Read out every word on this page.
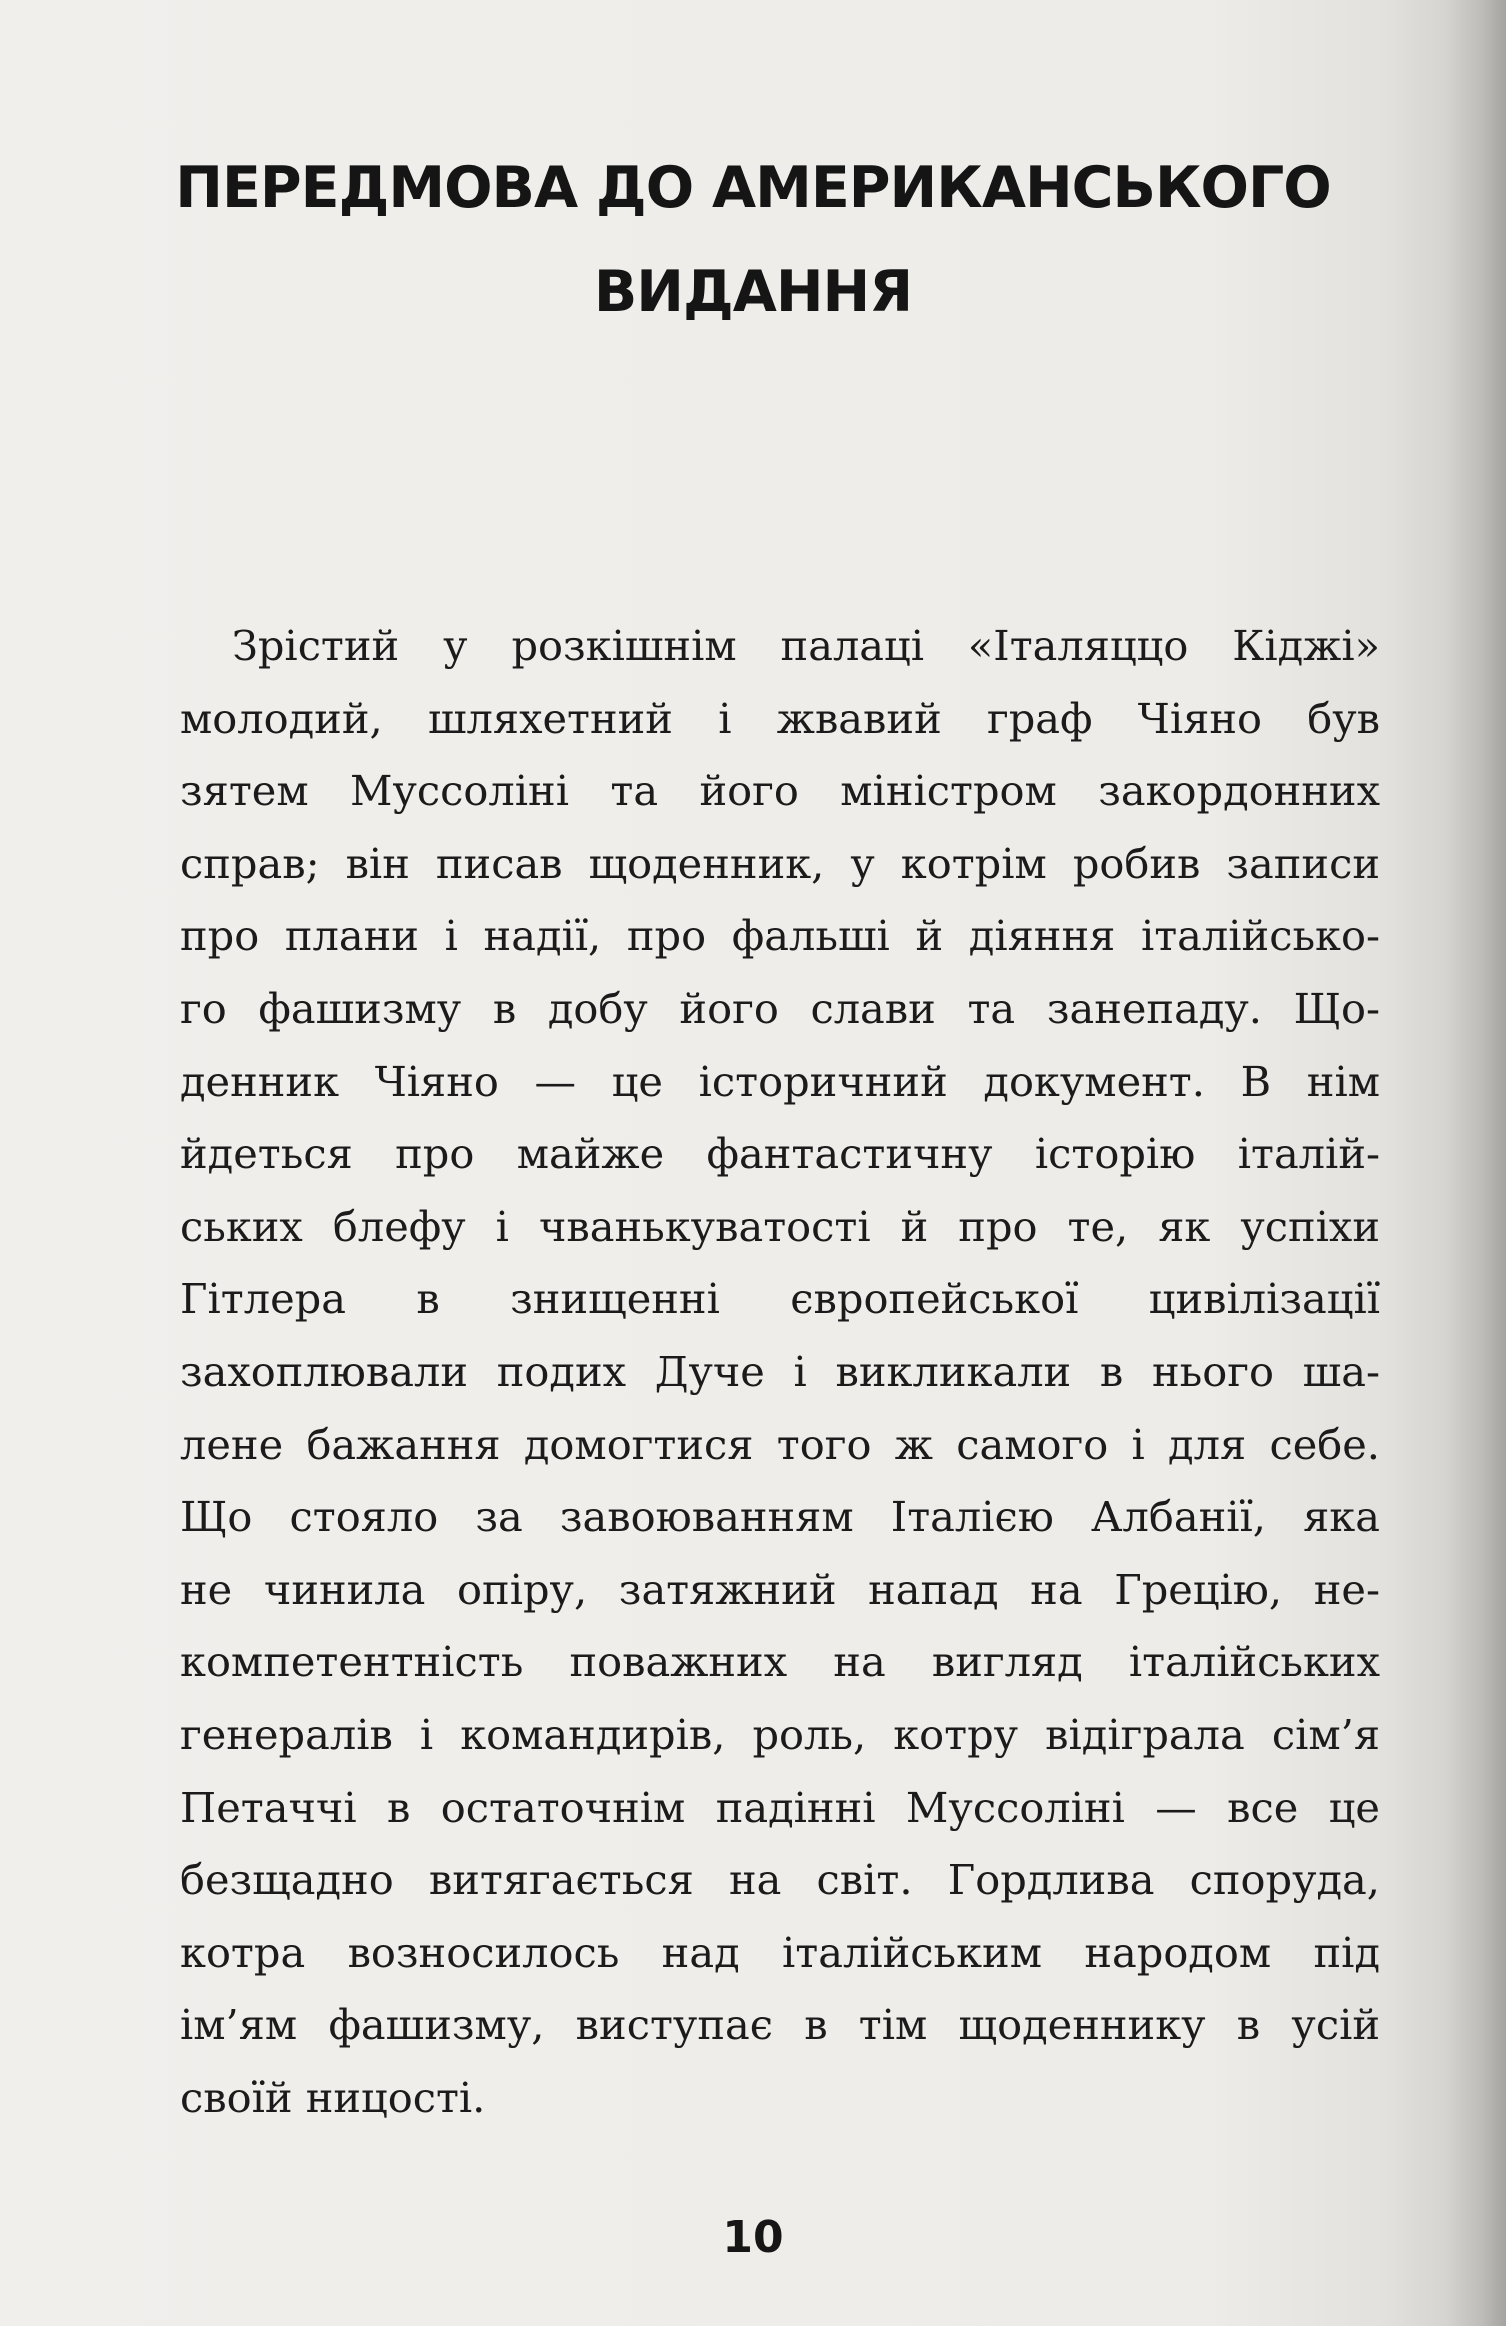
ПЕРЕДМОВА ДО АМЕРИКАНСЬКОГО
ВИДАННЯ
Зрістий у розкішнім палаці «Італяццо Кіджі»
молодий, шляхетний і жвавий граф Чіяно був
зятем Муссоліні та його міністром закордонних
справ; він писав щоденник, у котрім робив записи
про плани і надії, про фальші й діяння італійсько-
го фашизму в добу його слави та занепаду. Що-
денник Чіяно — це історичний документ. В нім
йдеться про майже фантастичну історію італій-
ських блефу і чванькуватості й про те, як успіхи
Гітлера в знищенні європейської цивілізації
захоплювали подих Дуче і викликали в нього ша-
лене бажання домогтися того ж самого і для себе.
Що стояло за завоюванням Італією Албанії, яка
не чинила опіру, затяжний напад на Грецію, не-
компетентність поважних на вигляд італійських
генералів і командирів, роль, котру відіграла сім’я
Петаччі в остаточнім падінні Муссоліні — все це
безщадно витягається на світ. Гордлива споруда,
котра возносилось над італійським народом під
ім’ям фашизму, виступає в тім щоденнику в усій
своїй ницості.
10
